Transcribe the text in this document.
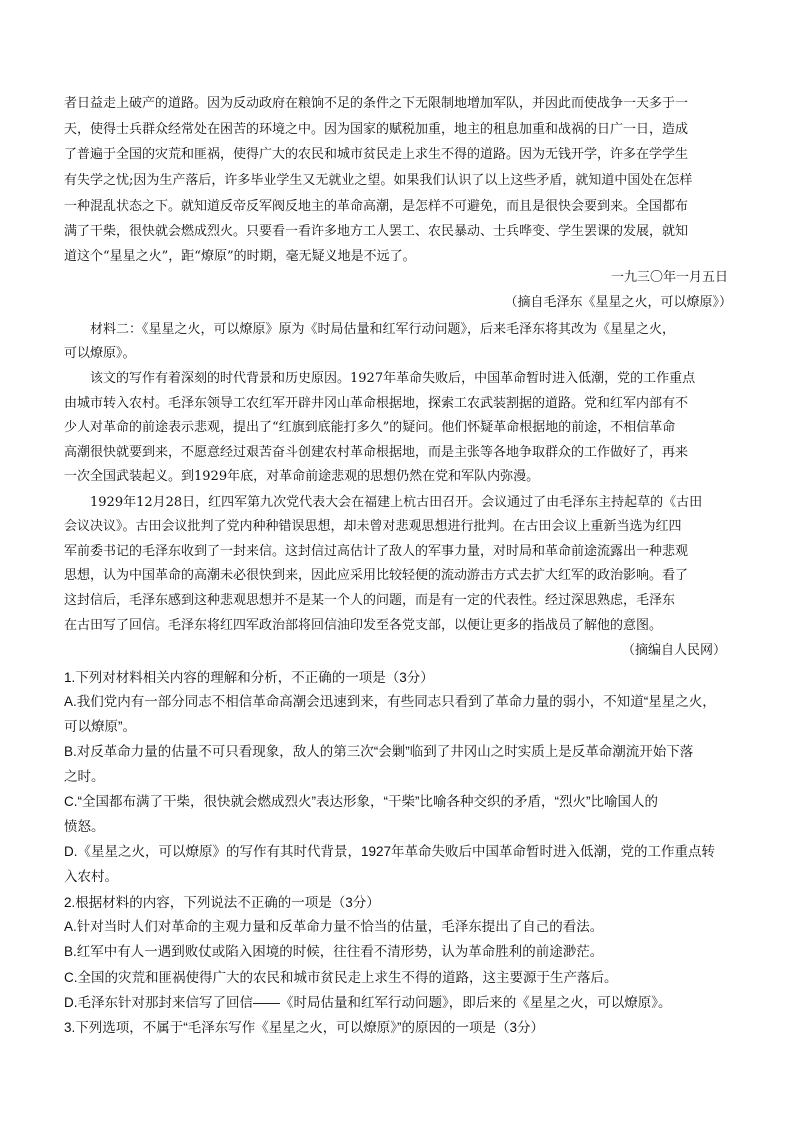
者日益走上破产的道路。因为反动政府在粮饷不足的条件之下无限制地增加军队，并因此而使战争一天多于一
天，使得士兵群众经常处在困苦的环境之中。因为国家的赋税加重，地主的租息加重和战祸的日广一日，造成
了普遍于全国的灾荒和匪祸，使得广大的农民和城市贫民走上求生不得的道路。因为无钱开学，许多在学学生
有失学之忧;因为生产落后，许多毕业学生又无就业之望。如果我们认识了以上这些矛盾，就知道中国处在怎样
一种混乱状态之下。就知道反帝反军阀反地主的革命高潮，是怎样不可避免，而且是很快会要到来。全国都布
满了干柴，很快就会燃成烈火。只要看一看许多地方工人罢工、农民暴动、士兵哗变、学生罢课的发展，就知
道这个“星星之火”，距“燎原”的时期，毫无疑义地是不远了。
一九三〇年一月五日
（摘自毛泽东《星星之火，可以燎原》）
材料二：《星星之火，可以燎原》原为《时局估量和红军行动问题》，后来毛泽东将其改为《星星之火，
可以燎原》。
该文的写作有着深刻的时代背景和历史原因。1927年革命失败后，中国革命暂时进入低潮，党的工作重点
由城市转入农村。毛泽东领导工农红军开辟井冈山革命根据地，探索工农武装割据的道路。党和红军内部有不
少人对革命的前途表示悲观，提出了“红旗到底能打多久”的疑问。他们怀疑革命根据地的前途，不相信革命
高潮很快就要到来，不愿意经过艰苦奋斗创建农村革命根据地，而是主张等各地争取群众的工作做好了，再来
一次全国武装起义。到1929年底，对革命前途悲观的思想仍然在党和军队内弥漫。
1929年12月28日，红四军第九次党代表大会在福建上杭古田召开。会议通过了由毛泽东主持起草的《古田
会议决议》。古田会议批判了党内种种错误思想，却未曾对悲观思想进行批判。在古田会议上重新当选为红四
军前委书记的毛泽东收到了一封来信。这封信过高估计了敌人的军事力量，对时局和革命前途流露出一种悲观
思想，认为中国革命的高潮未必很快到来，因此应采用比较轻便的流动游击方式去扩大红军的政治影响。看了
这封信后，毛泽东感到这种悲观思想并不是某一个人的问题，而是有一定的代表性。经过深思熟虑，毛泽东
在古田写了回信。毛泽东将红四军政治部将回信油印发至各党支部，以便让更多的指战员了解他的意图。
（摘编自人民网）
1.下列对材料相关内容的理解和分析，不正确的一项是（3分）
A.我们党内有一部分同志不相信革命高潮会迅速到来，有些同志只看到了革命力量的弱小，不知道“星星之火，
可以燎原”。
B.对反革命力量的估量不可只看现象，敌人的第三次“会剿”临到了井冈山之时实质上是反革命潮流开始下落
之时。
C.“全国都布满了干柴，很快就会燃成烈火”表达形象，“干柴”比喻各种交织的矛盾，“烈火”比喻国人的
愤怒。
D.《星星之火，可以燎原》的写作有其时代背景，1927年革命失败后中国革命暂时进入低潮，党的工作重点转
入农村。
2.根据材料的内容，下列说法不正确的一项是（3分）
A.针对当时人们对革命的主观力量和反革命力量不恰当的估量，毛泽东提出了自己的看法。
B.红军中有人一遇到败仗或陷入困境的时候，往往看不清形势，认为革命胜利的前途渺茫。
C.全国的灾荒和匪祸使得广大的农民和城市贫民走上求生不得的道路，这主要源于生产落后。
D.毛泽东针对那封来信写了回信——《时局估量和红军行动问题》，即后来的《星星之火，可以燎原》。
3.下列选项，不属于“毛泽东写作《星星之火，可以燎原》”的原因的一项是（3分）
